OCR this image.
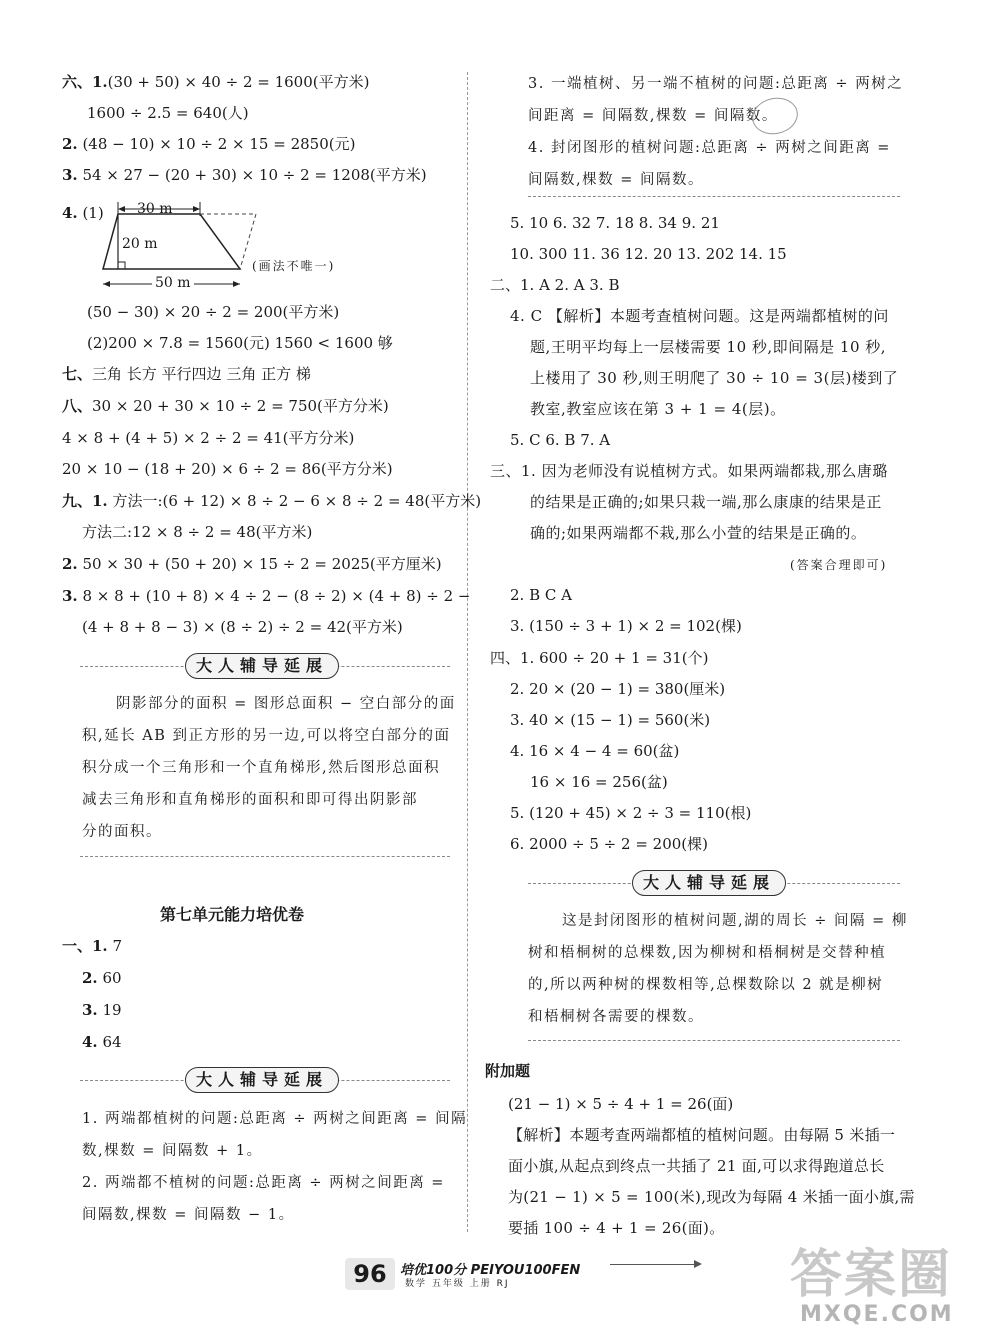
六、1.(30 + 50) × 40 ÷ 2 = 1600(平方米)
1600 ÷ 2.5 = 640(人)
2. (48 − 10) × 10 ÷ 2 × 15 = 2850(元)
3. 54 × 27 − (20 + 30) × 10 ÷ 2 = 1208(平方米)
4. (1) 30 m
20 m
50 m
(画法不唯一)
(50 − 30) × 20 ÷ 2 = 200(平方米)
(2)200 × 7.8 = 1560(元) 1560 < 1600 够
七、三角 长方 平行四边 三角 正方 梯
八、30 × 20 + 30 × 10 ÷ 2 = 750(平方分米)
4 × 8 + (4 + 5) × 2 ÷ 2 = 41(平方分米)
20 × 10 − (18 + 20) × 6 ÷ 2 = 86(平方分米)
九、1. 方法一:(6 + 12) × 8 ÷ 2 − 6 × 8 ÷ 2 = 48(平方米)
方法二:12 × 8 ÷ 2 = 48(平方米)
2. 50 × 30 + (50 + 20) × 15 ÷ 2 = 2025(平方厘米)
3. 8 × 8 + (10 + 8) × 4 ÷ 2 − (8 ÷ 2) × (4 + 8) ÷ 2 −
(4 + 8 + 8 − 3) × (8 ÷ 2) ÷ 2 = 42(平方米)
大人辅导延展
阴影部分的面积 = 图形总面积 − 空白部分的面
积,延长 AB 到正方形的另一边,可以将空白部分的面
积分成一个三角形和一个直角梯形,然后图形总面积
减去三角形和直角梯形的面积和即可得出阴影部
分的面积。
第七单元能力培优卷
一、1. 7
2. 60
3. 19
4. 64
大人辅导延展
1. 两端都植树的问题:总距离 ÷ 两树之间距离 = 间隔
数,棵数 = 间隔数 + 1。
2. 两端都不植树的问题:总距离 ÷ 两树之间距离 =
间隔数,棵数 = 间隔数 − 1。
3. 一端植树、另一端不植树的问题:总距离 ÷ 两树之
间距离 = 间隔数,棵数 = 间隔数。
4. 封闭图形的植树问题:总距离 ÷ 两树之间距离 =
间隔数,棵数 = 间隔数。
5. 10 6. 32 7. 18 8. 34 9. 21
10. 300 11. 36 12. 20 13. 202 14. 15
二、1. A 2. A 3. B
4. C 【解析】本题考查植树问题。这是两端都植树的问
题,王明平均每上一层楼需要 10 秒,即间隔是 10 秒,
上楼用了 30 秒,则王明爬了 30 ÷ 10 = 3(层)楼到了
教室,教室应该在第 3 + 1 = 4(层)。
5. C 6. B 7. A
三、1. 因为老师没有说植树方式。如果两端都栽,那么唐璐
的结果是正确的;如果只栽一端,那么康康的结果是正
确的;如果两端都不栽,那么小萱的结果是正确的。
(答案合理即可)
2. B C A
3. (150 ÷ 3 + 1) × 2 = 102(棵)
四、1. 600 ÷ 20 + 1 = 31(个)
2. 20 × (20 − 1) = 380(厘米)
3. 40 × (15 − 1) = 560(米)
4. 16 × 4 − 4 = 60(盆)
16 × 16 = 256(盆)
5. (120 + 45) × 2 ÷ 3 = 110(根)
6. 2000 ÷ 5 ÷ 2 = 200(棵)
大人辅导延展
这是封闭图形的植树问题,湖的周长 ÷ 间隔 = 柳
树和梧桐树的总棵数,因为柳树和梧桐树是交替种植
的,所以两种树的棵数相等,总棵数除以 2 就是柳树
和梧桐树各需要的棵数。
附加题
(21 − 1) × 5 ÷ 4 + 1 = 26(面)
【解析】本题考查两端都植的植树问题。由每隔 5 米插一
面小旗,从起点到终点一共插了 21 面,可以求得跑道总长
为(21 − 1) × 5 = 100(米),现改为每隔 4 米插一面小旗,需
要插 100 ÷ 4 + 1 = 26(面)。
96	培优100分 PEIYOU100FEN
数学 五年级 上册 RJ	答案圈
MXQE.COM
